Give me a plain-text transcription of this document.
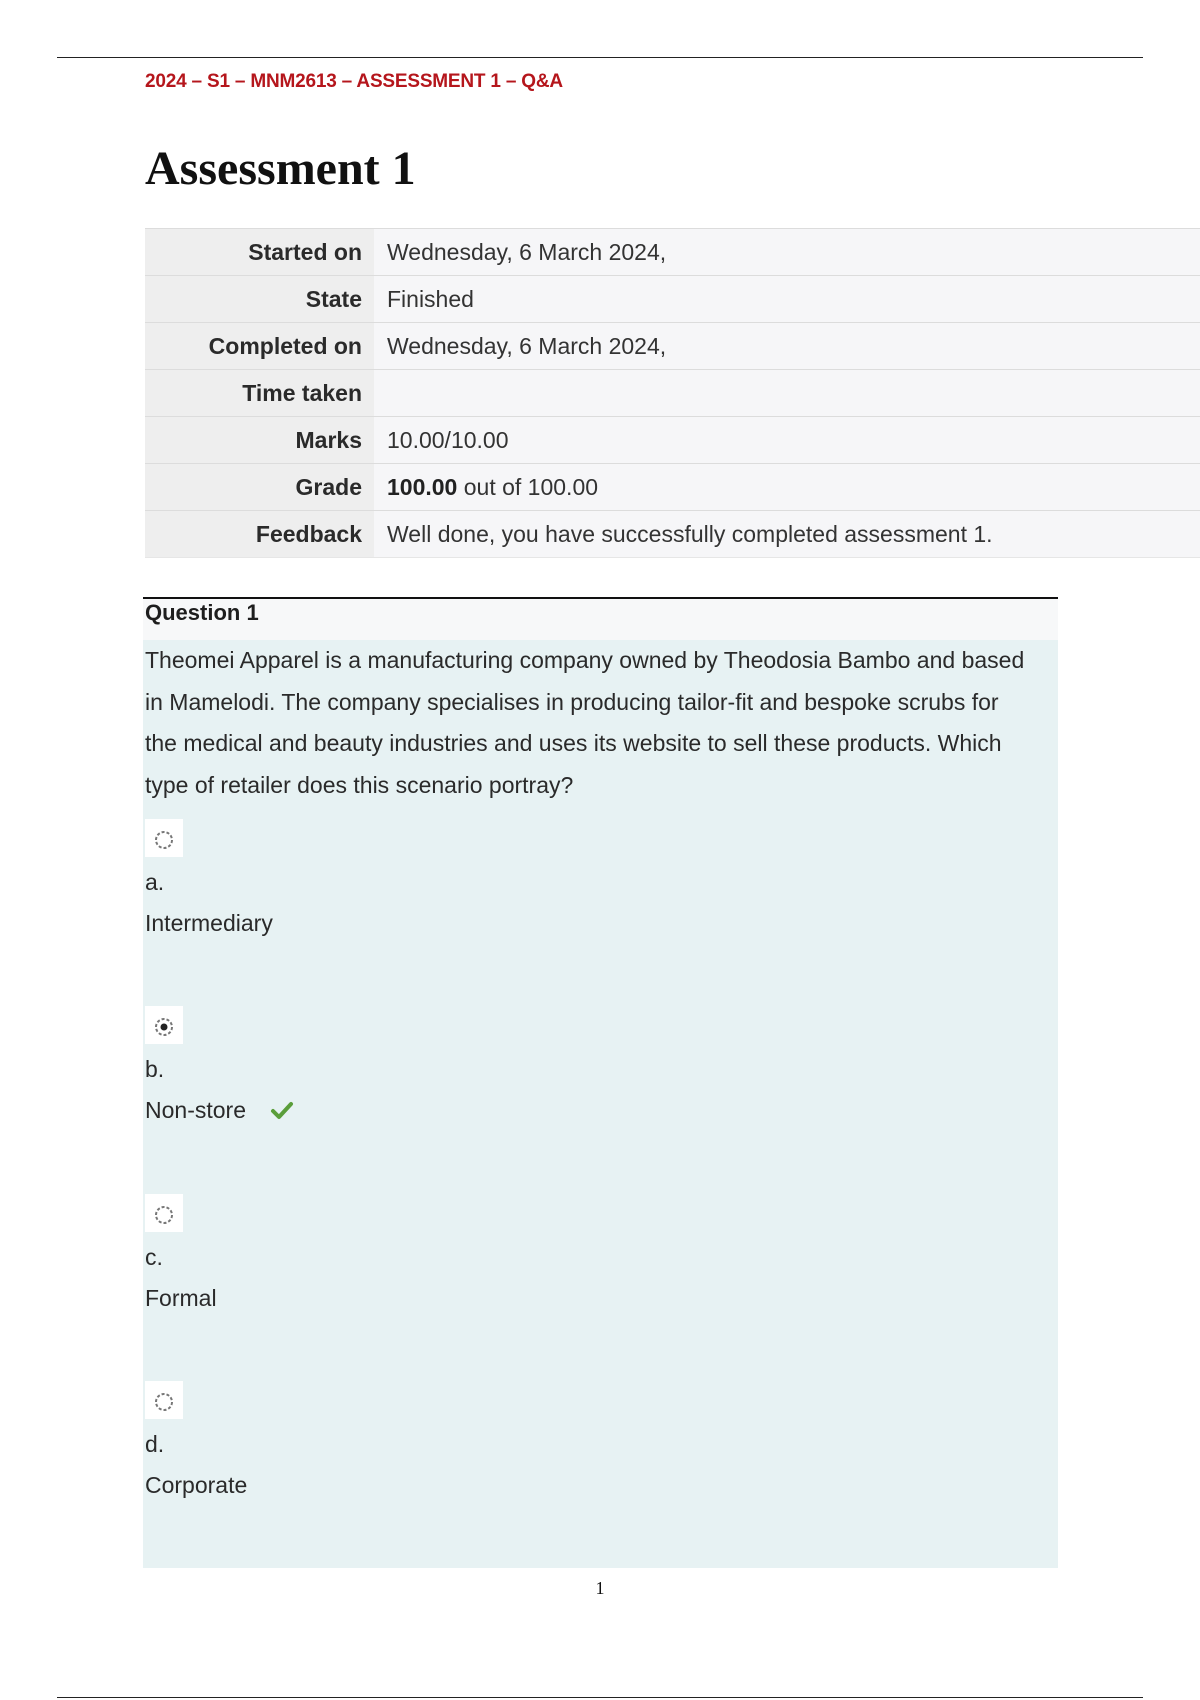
2024 – S1 – MNM2613 – ASSESSMENT 1 – Q&A
Assessment 1
Started on	Wednesday, 6 March 2024,
State	Finished
Completed on	Wednesday, 6 March 2024,
Time taken
Marks	10.00/10.00
Grade	100.00 out of 100.00
Feedback	Well done, you have successfully completed assessment 1.
Question 1
Theomei Apparel is a manufacturing company owned by Theodosia Bambo and based in Mamelodi. The company specialises in producing tailor-fit and bespoke scrubs for the medical and beauty industries and uses its website to sell these products. Which type of retailer does this scenario portray?
a.
Intermediary
b.
Non-store
c.
Formal
d.
Corporate
1
